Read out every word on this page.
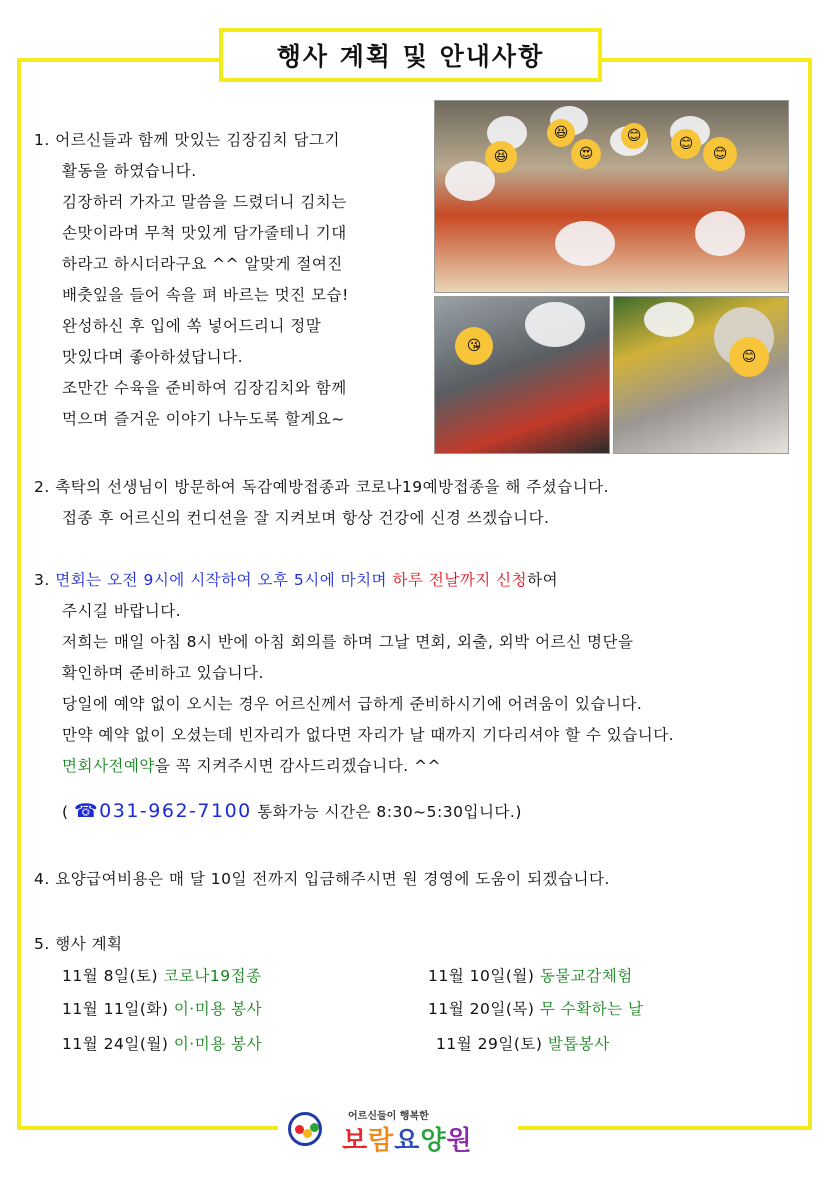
행사 계획 및 안내사항
1. 어르신들과 함께 맛있는 김장김치 담그기
활동을 하였습니다.
김장하러 가자고 말씀을 드렸더니 김치는
손맛이라며 무척 맛있게 담가줄테니 기대
하라고 하시더라구요 ^^ 알맞게 절여진
배춧잎을 들어 속을 펴 바르는 멋진 모습!
완성하신 후 입에 쏙 넣어드리니 정말
맛있다며 좋아하셨답니다.
조만간 수육을 준비하여 김장김치와 함께
먹으며 즐거운 이야기 나누도록 할게요~
😆
😆
😍
😊	😊
😊
😘
😊
2. 촉탁의 선생님이 방문하여 독감예방접종과 코로나19예방접종을 해 주셨습니다.
접종 후 어르신의 컨디션을 잘 지켜보며 항상 건강에 신경 쓰겠습니다.
3. 면회는 오전 9시에 시작하여 오후 5시에 마치며 하루 전날까지 신청하여
주시길 바랍니다.
저희는 매일 아침 8시 반에 아침 회의를 하며 그날 면회, 외출, 외박 어르신 명단을
확인하며 준비하고 있습니다.
당일에 예약 없이 오시는 경우 어르신께서 급하게 준비하시기에 어려움이 있습니다.
만약 예약 없이 오셨는데 빈자리가 없다면 자리가 날 때까지 기다리셔야 할 수 있습니다.
면회사전예약을 꼭 지켜주시면 감사드리겠습니다. ^^
( ☎031-962-7100 통화가능 시간은 8:30~5:30입니다.)
4. 요양급여비용은 매 달 10일 전까지 입금해주시면 원 경영에 도움이 되겠습니다.
5. 행사 계획
11월 8일(토) 코로나19접종	11월 10일(월) 동물교감체험
11월 11일(화) 이·미용 봉사	11월 20일(목) 무 수확하는 날
11월 24일(월) 이·미용 봉사	11월 29일(토) 발톱봉사
어르신들이 행복한
보람요양원
